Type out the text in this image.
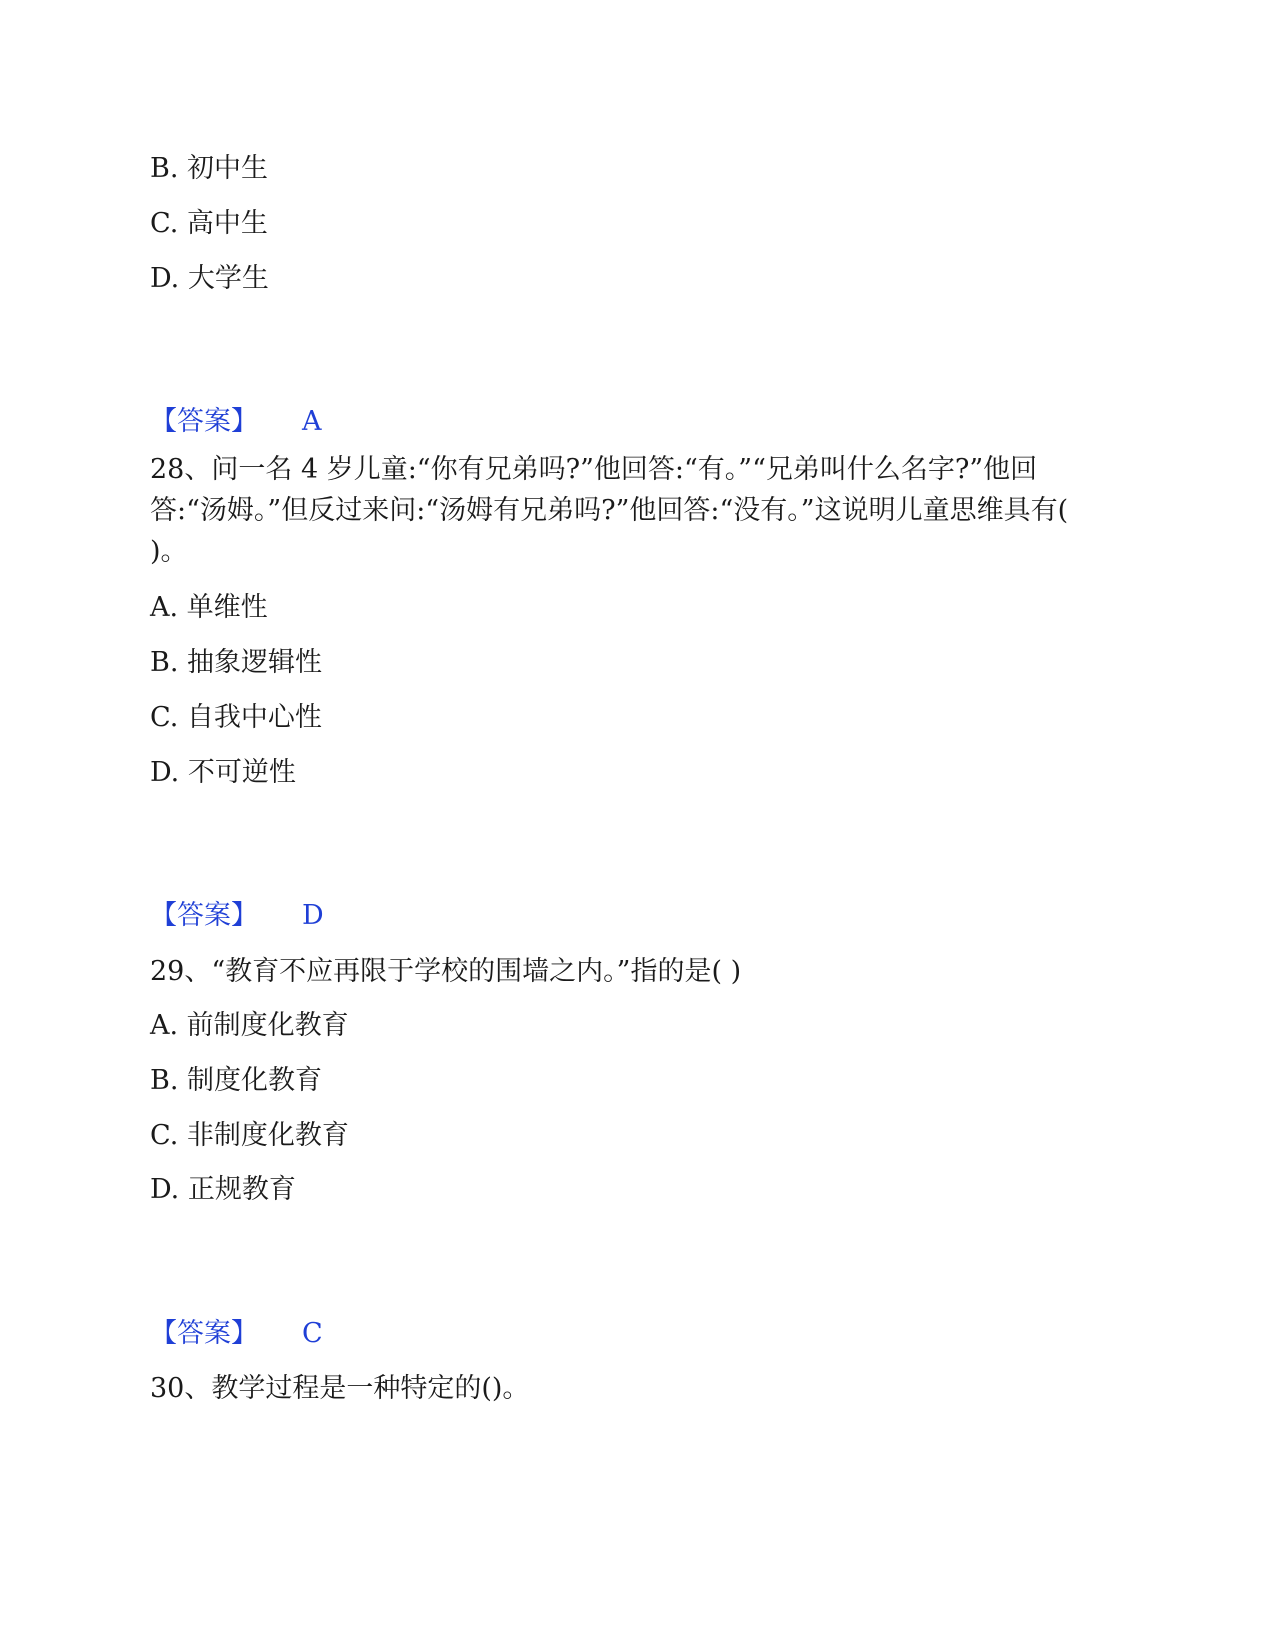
B. 初中生
C. 高中生
D. 大学生
【答案】 A
28、问一名 4 岁儿童:“你有兄弟吗?”他回答:“有。”“兄弟叫什么名字?”他回答:“汤姆。”但反过来问:“汤姆有兄弟吗?”他回答:“没有。”这说明儿童思维具有( )。
A. 单维性
B. 抽象逻辑性
C. 自我中心性
D. 不可逆性
【答案】 D
29、“教育不应再限于学校的围墙之内。”指的是( )
A. 前制度化教育
B. 制度化教育
C. 非制度化教育
D. 正规教育
【答案】 C
30、教学过程是一种特定的()。
